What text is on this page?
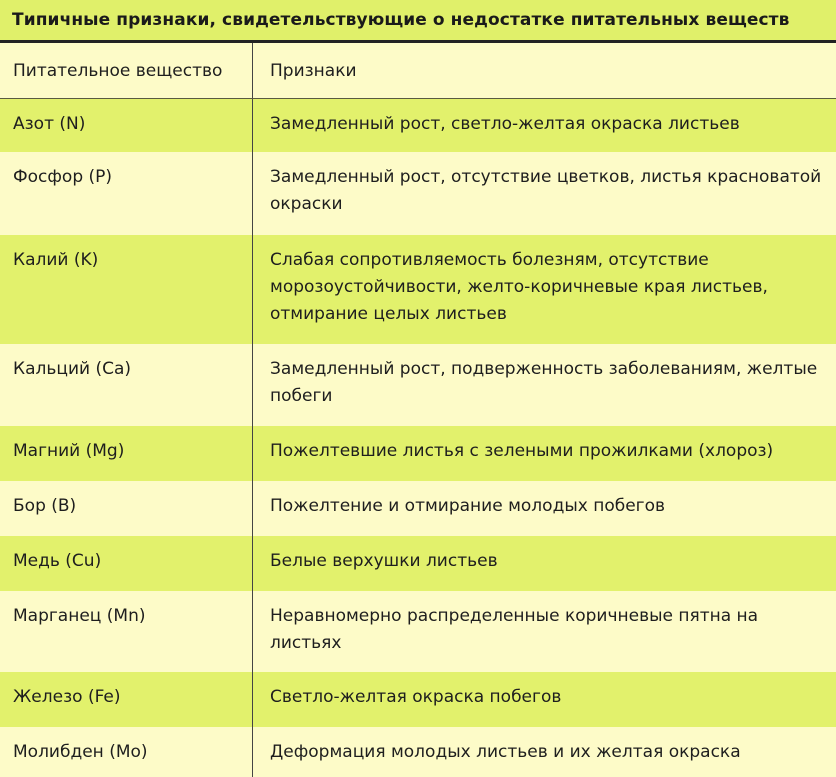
Типичные признаки, свидетельствующие о недостатке питательных веществ
Питательное вещество	Признаки
Азот (N)	Замедленный рост, светло-желтая окраска листьев
Фосфор (P)	Замедленный рост, отсутствие цветков, листья красноватой окраски
Калий (K)	Слабая сопротивляемость болезням, отсутствие морозоустойчивости, желто-коричневые края листьев, отмирание целых листьев
Кальций (Ca)	Замедленный рост, подверженность заболеваниям, желтые побеги
Магний (Mg)	Пожелтевшие листья с зелеными прожилками (хлороз)
Бор (B)	Пожелтение и отмирание молодых побегов
Медь (Cu)	Белые верхушки листьев
Марганец (Mn)	Неравномерно распределенные коричневые пятна на листьях
Железо (Fe)	Светло-желтая окраска побегов
Молибден (Mo)	Деформация молодых листьев и их желтая окраска
